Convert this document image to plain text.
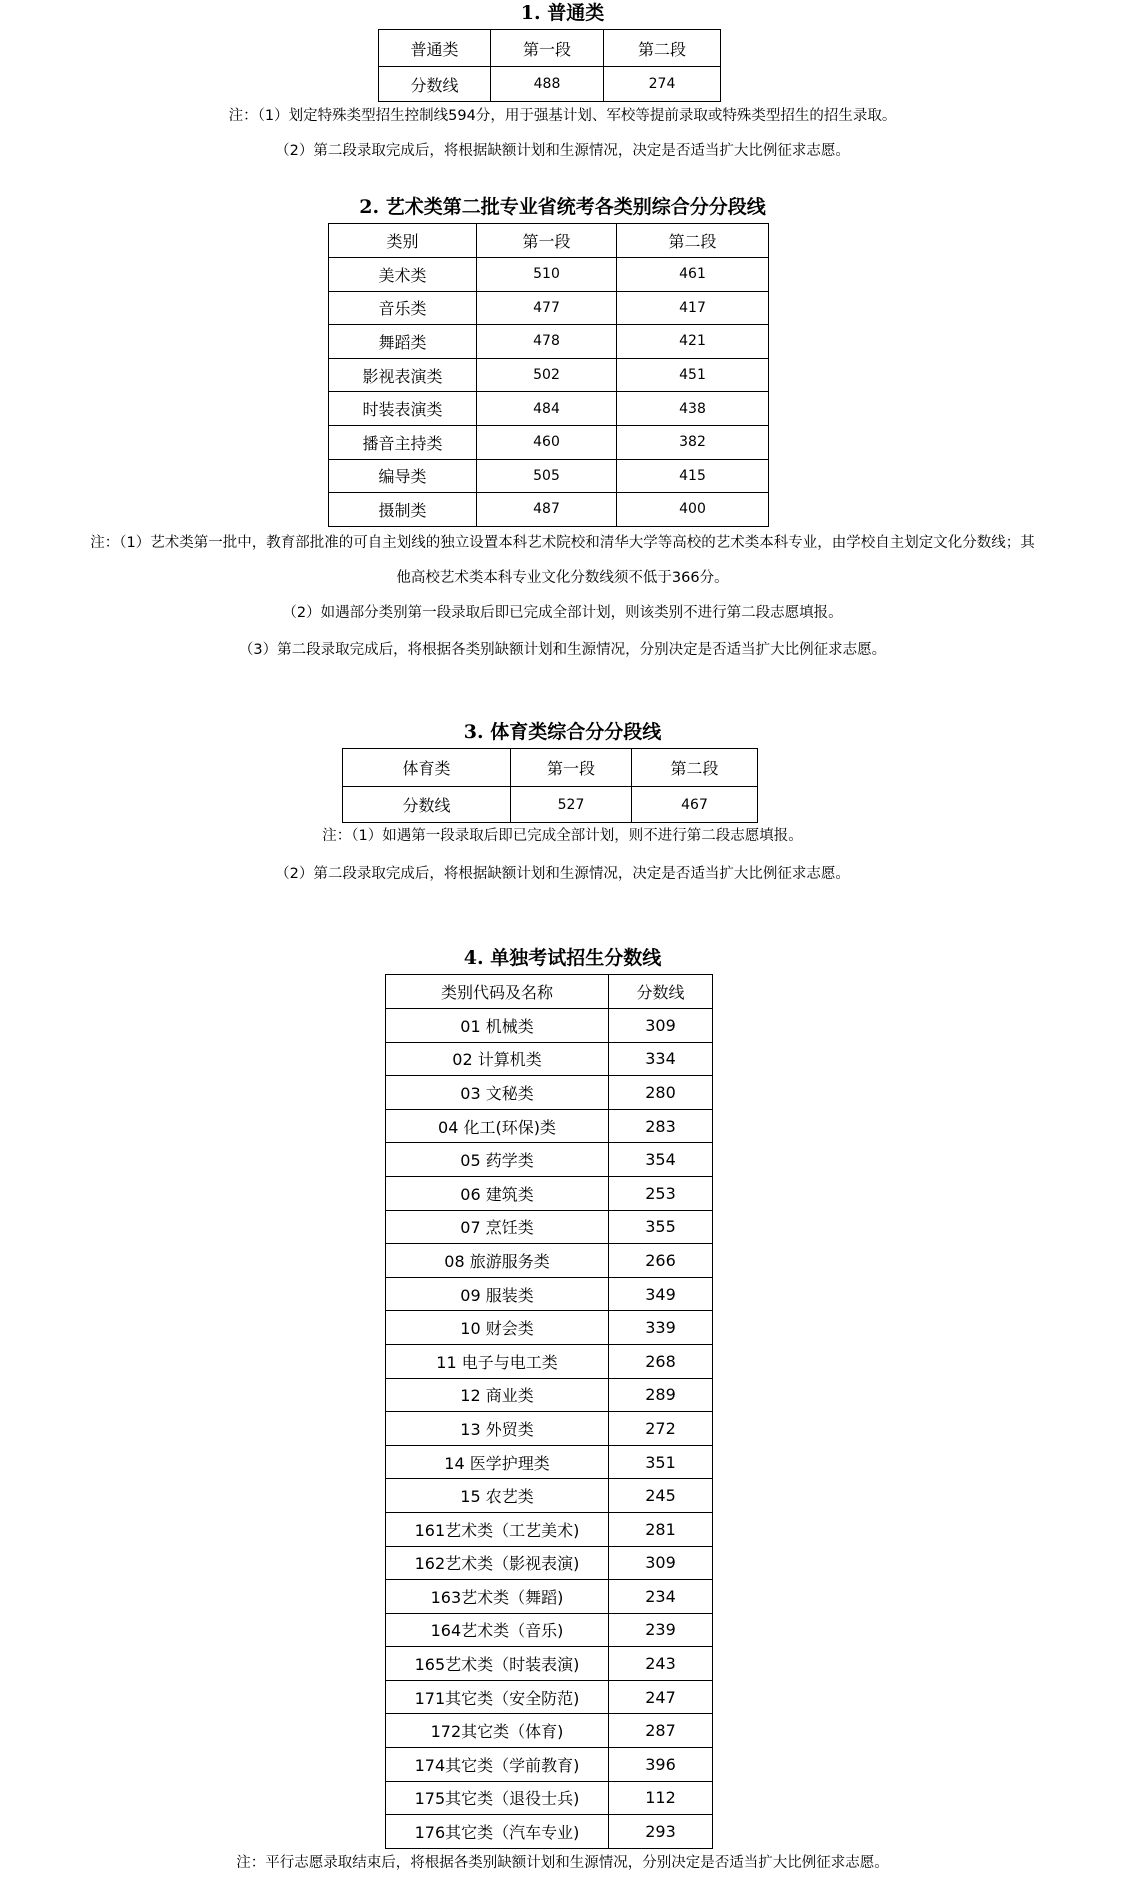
1. 普通类
普通类	第一段	第二段
分数线	488	274

注：（1）划定特殊类型招生控制线594分，用于强基计划、军校等提前录取或特殊类型招生的招生录取。

（2）第二段录取完成后，将根据缺额计划和生源情况，决定是否适当扩大比例征求志愿。

2. 艺术类第二批专业省统考各类别综合分分段线
类别	第一段	第二段
美术类	510	461
音乐类	477	417
舞蹈类	478	421
影视表演类	502	451
时装表演类	484	438
播音主持类	460	382
编导类	505	415
摄制类	487	400

注：（1）艺术类第一批中，教育部批准的可自主划线的独立设置本科艺术院校和清华大学等高校的艺术类本科专业，由学校自主划定文化分数线；其

他高校艺术类本科专业文化分数线须不低于366分。

（2）如遇部分类别第一段录取后即已完成全部计划，则该类别不进行第二段志愿填报。

（3）第二段录取完成后，将根据各类别缺额计划和生源情况，分别决定是否适当扩大比例征求志愿。

3. 体育类综合分分段线
体育类	第一段	第二段
分数线	527	467

注：（1）如遇第一段录取后即已完成全部计划，则不进行第二段志愿填报。

（2）第二段录取完成后，将根据缺额计划和生源情况，决定是否适当扩大比例征求志愿。

4. 单独考试招生分数线
类别代码及名称	分数线
01 机械类	309
02 计算机类	334
03 文秘类	280
04 化工(环保)类	283
05 药学类	354
06 建筑类	253
07 烹饪类	355
08 旅游服务类	266
09 服装类	349
10 财会类	339
11 电子与电工类	268
12 商业类	289
13 外贸类	272
14 医学护理类	351
15 农艺类	245
161艺术类（工艺美术)	281
162艺术类（影视表演)	309
163艺术类（舞蹈)	234
164艺术类（音乐)	239
165艺术类（时装表演)	243
171其它类（安全防范)	247
172其它类（体育)	287
174其它类（学前教育)	396
175其它类（退役士兵)	112
176其它类（汽车专业)	293

注：平行志愿录取结束后，将根据各类别缺额计划和生源情况，分别决定是否适当扩大比例征求志愿。
